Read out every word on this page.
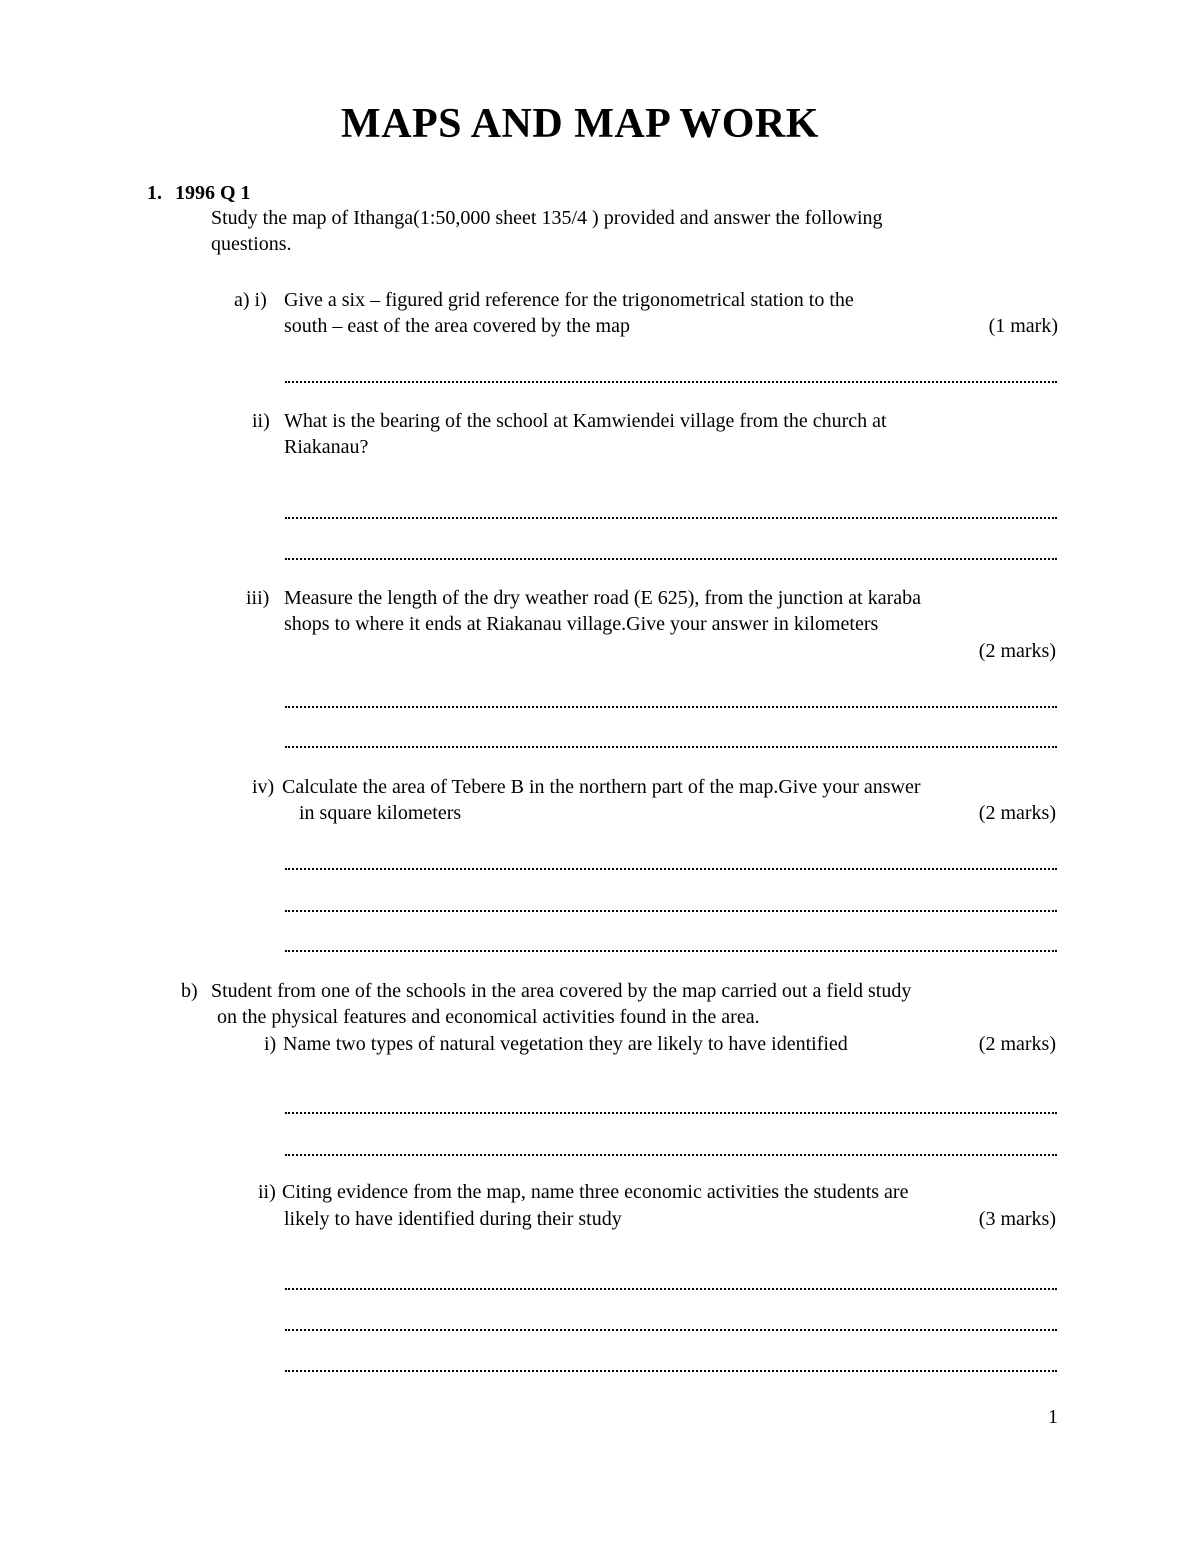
MAPS AND MAP WORK
1. 1996 Q 1
Study the map of Ithanga(1:50,000 sheet 135/4 ) provided and answer the following
questions.
a) i) Give a six – figured grid reference for the trigonometrical station to the
south – east of the area covered by the map	(1 mark)
ii) What is the bearing of the school at Kamwiendei village from the church at
Riakanau?
iii) Measure the length of the dry weather road (E 625), from the junction at karaba
shops to where it ends at Riakanau village.Give your answer in kilometers
(2 marks)
iv) Calculate the area of Tebere B in the northern part of the map.Give your answer
in square kilometers	(2 marks)
b) Student from one of the schools in the area covered by the map carried out a field study
on the physical features and economical activities found in the area.
i) Name two types of natural vegetation they are likely to have identified	(2 marks)
ii) Citing evidence from the map, name three economic activities the students are
likely to have identified during their study	(3 marks)
1
